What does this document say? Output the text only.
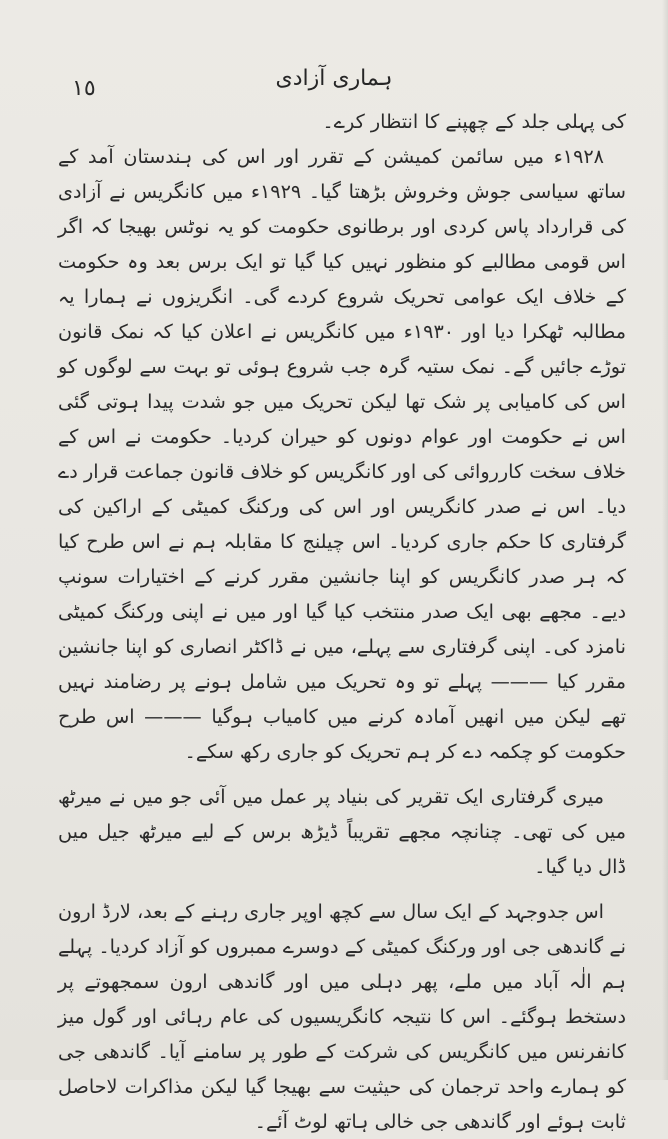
١٥	ہماری آزادی

کی پہلی جلد کے چھپنے کا انتظار کرے۔

۱۹۲۸ء میں سائمن کمیشن کے تقرر اور اس کی ہندستان آمد کے ساتھ سیاسی جوش وخروش بڑھتا گیا۔ ۱۹۲۹ء میں کانگریس نے آزادی کی قرارداد پاس کردی اور برطانوی حکومت کو یہ نوٹس بھیجا کہ اگر اس قومی مطالبے کو منظور نہیں کیا گیا تو ایک برس بعد وہ حکومت کے خلاف ایک عوامی تحریک شروع کردے گی۔ انگریزوں نے ہمارا یہ مطالبہ ٹھکرا دیا اور ۱۹۳۰ء میں کانگریس نے اعلان کیا کہ نمک قانون توڑے جائیں گے۔ نمک ستیہ گرہ جب شروع ہوئی تو بہت سے لوگوں کو اس کی کامیابی پر شک تھا لیکن تحریک میں جو شدت پیدا ہوتی گئی اس نے حکومت اور عوام دونوں کو حیران کردیا۔ حکومت نے اس کے خلاف سخت کارروائی کی اور کانگریس کو خلاف قانون جماعت قرار دے دیا۔ اس نے صدر کانگریس اور اس کی ورکنگ کمیٹی کے اراکین کی گرفتاری کا حکم جاری کردیا۔ اس چیلنج کا مقابلہ ہم نے اس طرح کیا کہ ہر صدر کانگریس کو اپنا جانشین مقرر کرنے کے اختیارات سونپ دیے۔ مجھے بھی ایک صدر منتخب کیا گیا اور میں نے اپنی ورکنگ کمیٹی نامزد کی۔ اپنی گرفتاری سے پہلے، میں نے ڈاکٹر انصاری کو اپنا جانشین مقرر کیا ——— پہلے تو وہ تحریک میں شامل ہونے پر رضامند نہیں تھے لیکن میں انھیں آمادہ کرنے میں کامیاب ہوگیا ——— اس طرح حکومت کو چکمہ دے کر ہم تحریک کو جاری رکھ سکے۔

میری گرفتاری ایک تقریر کی بنیاد پر عمل میں آئی جو میں نے میرٹھ میں کی تھی۔ چنانچہ مجھے تقریباً ڈیڑھ برس کے لیے میرٹھ جیل میں ڈال دیا گیا۔

اس جدوجہد کے ایک سال سے کچھ اوپر جاری رہنے کے بعد، لارڈ ارون نے گاندھی جی اور ورکنگ کمیٹی کے دوسرے ممبروں کو آزاد کردیا۔ پہلے ہم الٰہ آباد میں ملے، پھر دہلی میں اور گاندھی ارون سمجھوتے پر دستخط ہوگئے۔ اس کا نتیجہ کانگریسیوں کی عام رہائی اور گول میز کانفرنس میں کانگریس کی شرکت کے طور پر سامنے آیا۔ گاندھی جی کو ہمارے واحد ترجمان کی حیثیت سے بھیجا گیا لیکن مذاکرات لاحاصل ثابت ہوئے اور گاندھی جی خالی ہاتھ لوٹ آئے۔
